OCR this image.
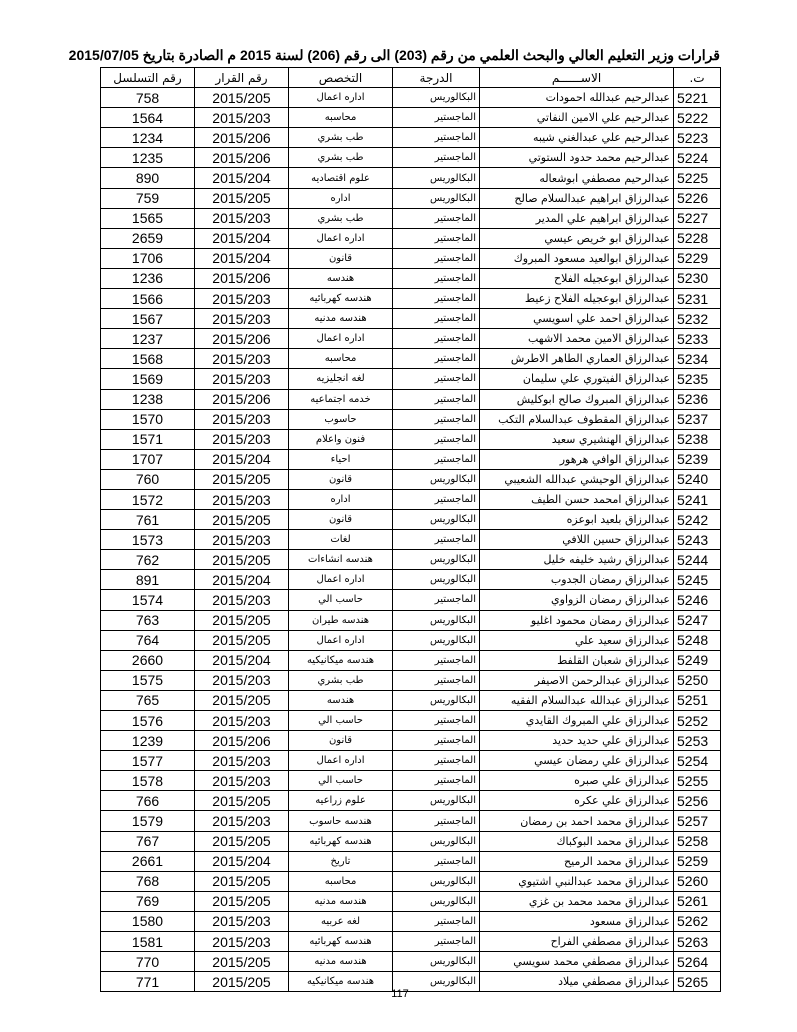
قرارات وزير التعليم العالي والبحث العلمي من رقم (203) الى رقم (206) لسنة 2015 م الصادرة بتاريخ 2015/07/05
ت.	الاســــــم	الدرجة	التخصص	رقم القرار	رقم التسلسل
5221	عبدالرحيم عبدالله احمودات	البكالوريس	اداره اعمال	2015/205	758
5222	عبدالرحيم علي الامين النفاتي	الماجستير	محاسبه	2015/203	1564
5223	عبدالرحيم علي عبدالغني شيبه	الماجستير	طب بشري	2015/206	1234
5224	عبدالرحيم محمد حدود الستوتي	الماجستير	طب بشري	2015/206	1235
5225	عبدالرحيم مصطفي ابوشعاله	البكالوريس	علوم اقتصاديه	2015/204	890
5226	عبدالرزاق ابراهيم عبدالسلام صالح	البكالوريس	اداره	2015/205	759
5227	عبدالرزاق ابراهيم علي المدير	الماجستير	طب بشري	2015/203	1565
5228	عبدالرزاق ابو خريص عيسي	الماجستير	اداره اعمال	2015/204	2659
5229	عبدالرزاق ابوالعيد مسعود المبروك	الماجستير	قانون	2015/204	1706
5230	عبدالرزاق ابوعجيله الفلاح	الماجستير	هندسه	2015/206	1236
5231	عبدالرزاق ابوعجيله الفلاح زعيط	الماجستير	هندسه كهربائيه	2015/203	1566
5232	عبدالرزاق احمد علي اسويسي	الماجستير	هندسه مدنيه	2015/203	1567
5233	عبدالرزاق الامين محمد الاشهب	الماجستير	اداره اعمال	2015/206	1237
5234	عبدالرزاق العماري الطاهر الاطرش	الماجستير	محاسبه	2015/203	1568
5235	عبدالرزاق الفيتوري علي سليمان	الماجستير	لغه انجليزيه	2015/203	1569
5236	عبدالرزاق المبروك صالح ابوكليش	الماجستير	خدمه اجتماعيه	2015/206	1238
5237	عبدالرزاق المقطوف عبدالسلام التكب	الماجستير	حاسوب	2015/203	1570
5238	عبدالرزاق الهنشيري سعيد	الماجستير	فنون واعلام	2015/203	1571
5239	عبدالرزاق الوافي هرهور	الماجستير	احياء	2015/204	1707
5240	عبدالرزاق الوحيشي عبدالله الشعيبي	البكالوريس	قانون	2015/205	760
5241	عبدالرزاق امحمد حسن الطيف	الماجستير	اداره	2015/203	1572
5242	عبدالرزاق بلعيد ابوعزه	البكالوريس	قانون	2015/205	761
5243	عبدالرزاق حسين اللافي	الماجستير	لغات	2015/203	1573
5244	عبدالرزاق رشيد خليفه خليل	البكالوريس	هندسه انشاءات	2015/205	762
5245	عبدالرزاق رمضان الجدوب	البكالوريس	اداره اعمال	2015/204	891
5246	عبدالرزاق رمضان الزواوي	الماجستير	حاسب الي	2015/203	1574
5247	عبدالرزاق رمضان محمود اغليو	البكالوريس	هندسه طيران	2015/205	763
5248	عبدالرزاق سعيد علي	البكالوريس	اداره اعمال	2015/205	764
5249	عبدالرزاق شعبان القلفط	الماجستير	هندسه ميكانيكيه	2015/204	2660
5250	عبدالرزاق عبدالرحمن الاصيفر	الماجستير	طب بشري	2015/203	1575
5251	عبدالرزاق عبدالله عبدالسلام الفقيه	البكالوريس	هندسه	2015/205	765
5252	عبدالرزاق علي المبروك القايدي	الماجستير	حاسب الي	2015/203	1576
5253	عبدالرزاق علي حديد حديد	الماجستير	قانون	2015/206	1239
5254	عبدالرزاق علي رمضان عيسي	الماجستير	اداره اعمال	2015/203	1577
5255	عبدالرزاق علي صبره	الماجستير	حاسب الي	2015/203	1578
5256	عبدالرزاق علي عكره	البكالوريس	علوم زراعيه	2015/205	766
5257	عبدالرزاق محمد احمد بن رمضان	الماجستير	هندسه حاسوب	2015/203	1579
5258	عبدالرزاق محمد البوكباك	البكالوريس	هندسه كهربائيه	2015/205	767
5259	عبدالرزاق محمد الرميح	الماجستير	تاريخ	2015/204	2661
5260	عبدالرزاق محمد عبدالنبي اشتيوي	البكالوريس	محاسبه	2015/205	768
5261	عبدالرزاق محمد محمد بن غزي	البكالوريس	هندسه مدنيه	2015/205	769
5262	عبدالرزاق مسعود	الماجستير	لغه عربيه	2015/203	1580
5263	عبدالرزاق مصطفي الفراح	الماجستير	هندسه كهربائيه	2015/203	1581
5264	عبدالرزاق مصطفي محمد سويسي	البكالوريس	هندسه مدنيه	2015/205	770
5265	عبدالرزاق مصطفي ميلاد	البكالوريس	هندسه ميكانيكيه	2015/205	771
117
